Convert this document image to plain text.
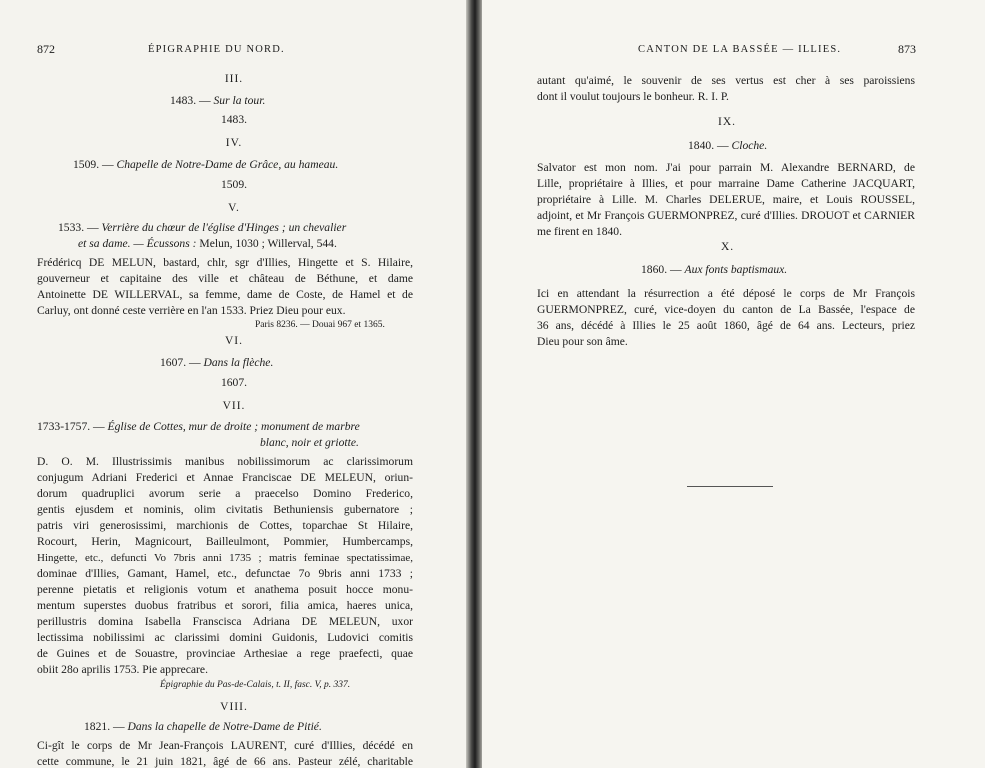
872	ÉPIGRAPHIE DU NORD.
III.
1483. — Sur la tour.
1483.
IV.
1509. — Chapelle de Notre-Dame de Grâce, au hameau.
1509.
V.
1533. — Verrière du chœur de l'église d'Hinges ; un chevalier
et sa dame. — Écussons : Melun, 1030 ; Willerval, 544.
Frédéricq DE MELUN, bastard, chlr, sgr d'Illies, Hingette et S. Hilaire,
gouverneur et capitaine des ville et château de Béthune, et dame
Antoinette DE WILLERVAL, sa femme, dame de Coste, de Hamel et de
Carluy, ont donné ceste verrière en l'an 1533. Priez Dieu pour eux.
Paris 8236. — Douai 967 et 1365.
VI.
1607. — Dans la flèche.
1607.
VII.
1733-1757. — Église de Cottes, mur de droite ; monument de marbre
blanc, noir et griotte.
D. O. M. Illustrissimis manibus nobilissimorum ac clarissimorum
conjugum Adriani Frederici et Annae Franciscae DE MELEUN, oriun-
dorum quadruplici avorum serie a praecelso Domino Frederico,
gentis ejusdem et nominis, olim civitatis Bethuniensis gubernatore ;
patris viri generosissimi, marchionis de Cottes, toparchae St Hilaire,
Rocourt, Herin, Magnicourt, Bailleulmont, Pommier, Humbercamps,
Hingette, etc., defuncti Vo 7bris anni 1735 ; matris feminae spectatissimae,
dominae d'Illies, Gamant, Hamel, etc., defunctae 7o 9bris anni 1733 ;
perenne pietatis et religionis votum et anathema posuit hocce monu-
mentum superstes duobus fratribus et sorori, filia amica, haeres unica,
perillustris domina Isabella Franscisca Adriana DE MELEUN, uxor
lectissima nobilissimi ac clarissimi domini Guidonis, Ludovici comitis
de Guines et de Souastre, provinciae Arthesiae a rege praefecti, quae
obiit 28o aprilis 1753. Pie apprecare.
Épigraphie du Pas-de-Calais, t. II, fasc. V, p. 337.
VIII.
1821. — Dans la chapelle de Notre-Dame de Pitié.
Ci-gît le corps de Mr Jean-François LAURENT, curé d'Illies, décédé en
cette commune, le 21 juin 1821, âgé de 66 ans. Pasteur zélé, charitable
CANTON DE LA BASSÉE — ILLIES.	873
autant qu'aimé, le souvenir de ses vertus est cher à ses paroissiens
dont il voulut toujours le bonheur. R. I. P.
IX.
1840. — Cloche.
Salvator est mon nom. J'ai pour parrain M. Alexandre BERNARD, de
Lille, propriétaire à Illies, et pour marraine Dame Catherine JACQUART,
propriétaire à Lille. M. Charles DELERUE, maire, et Louis ROUSSEL,
adjoint, et Mr François GUERMONPREZ, curé d'Illies. DROUOT et CARNIER
me firent en 1840.
X.
1860. — Aux fonts baptismaux.
Ici en attendant la résurrection a été déposé le corps de Mr François
GUERMONPREZ, curé, vice-doyen du canton de La Bassée, l'espace de
36 ans, décédé à Illies le 25 août 1860, âgé de 64 ans. Lecteurs, priez
Dieu pour son âme.
